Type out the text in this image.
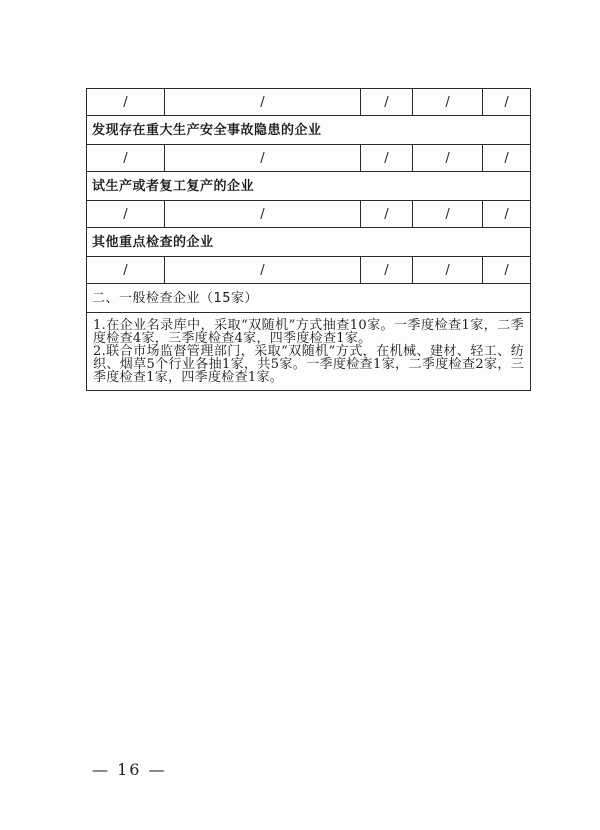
/	/	/	/	/
发现存在重大生产安全事故隐患的企业				
/	/	/	/	/
试生产或者复工复产的企业				
/	/	/	/	/
其他重点检查的企业				
/	/	/	/	/
二、一般检查企业（15家）				

1.在企业名录库中，采取“双随机”方式抽查10家。一季度检查1家，二季度检查4家，三季度检查4家，四季度检查1家。
2.联合市场监督管理部门，采取“双随机”方式，在机械、建材、轻工、纺织、烟草5个行业各抽1家，共5家。一季度检查1家，二季度检查2家，三季度检查1家，四季度检查1家。				
— 16 —
